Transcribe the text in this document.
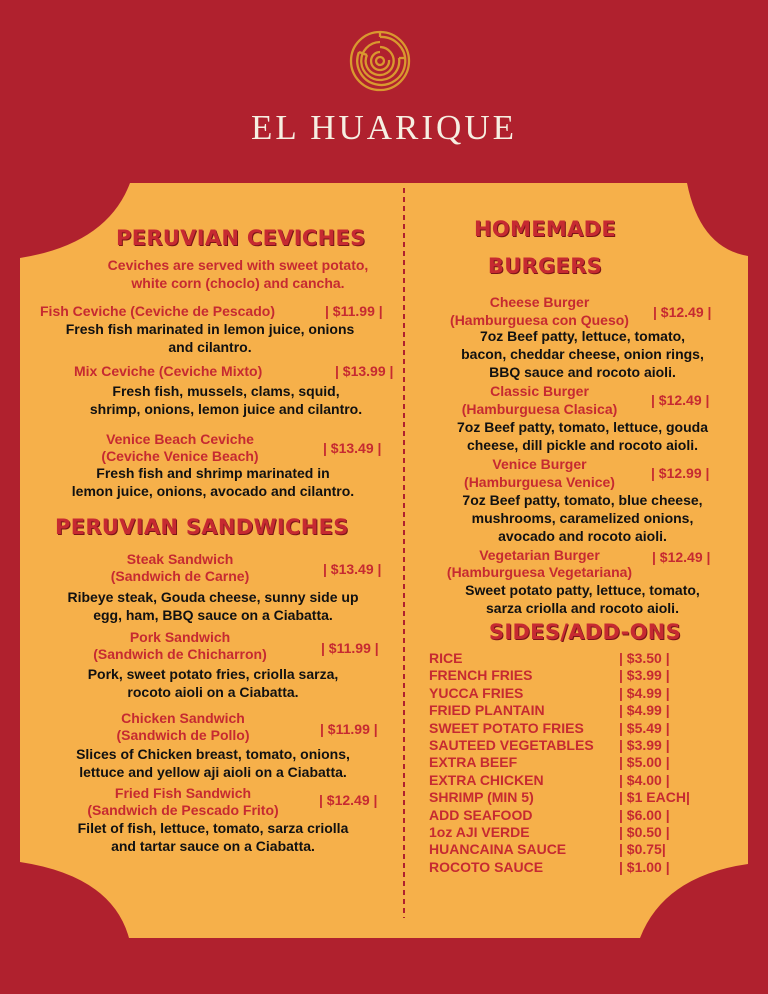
EL HUARIQUE
PERUVIAN CEVICHES
Ceviches are served with sweet potato,
white corn (choclo) and cancha.
Fish Ceviche (Ceviche de Pescado)	| $11.99 |
Fresh fish marinated in lemon juice, onions
and cilantro.
Mix Ceviche (Ceviche Mixto)	| $13.99 |
Fresh fish, mussels, clams, squid,
shrimp, onions, lemon juice and cilantro.
Venice Beach Ceviche
(Ceviche Venice Beach)	| $13.49 |
Fresh fish and shrimp marinated in
lemon juice, onions, avocado and cilantro.
PERUVIAN SANDWICHES
Steak Sandwich
(Sandwich de Carne)	| $13.49 |
Ribeye steak, Gouda cheese, sunny side up
egg, ham, BBQ sauce on a Ciabatta.
Pork Sandwich
(Sandwich de Chicharron)	| $11.99 |
Pork, sweet potato fries, criolla sarza,
rocoto aioli on a Ciabatta.
Chicken Sandwich
(Sandwich de Pollo)	| $11.99 |
Slices of Chicken breast, tomato, onions,
lettuce and yellow aji aioli on a Ciabatta.
Fried Fish Sandwich
(Sandwich de Pescado Frito)
| $12.49 |
Filet of fish, lettuce, tomato, sarza criolla
and tartar sauce on a Ciabatta.
HOMEMADE
BURGERS
Cheese Burger
(Hamburguesa con Queso)	| $12.49 |
7oz Beef patty, lettuce, tomato,
bacon, cheddar cheese, onion rings,
BBQ sauce and rocoto aioli.
Classic Burger
(Hamburguesa Clasica)
| $12.49 |
7oz Beef patty, tomato, lettuce, gouda
cheese, dill pickle and rocoto aioli.
Venice Burger
(Hamburguesa Venice)
| $12.99 |
7oz Beef patty, tomato, blue cheese,
mushrooms, caramelized onions,
avocado and rocoto aioli.
Vegetarian Burger
(Hamburguesa Vegetariana)
| $12.49 |
Sweet potato patty, lettuce, tomato,
sarza criolla and rocoto aioli.
SIDES/ADD-ONS
RICE	| $3.50 |
FRENCH FRIES	| $3.99 |
YUCCA FRIES	| $4.99 |
FRIED PLANTAIN	| $4.99 |
SWEET POTATO FRIES	| $5.49 |
SAUTEED VEGETABLES	| $3.99 |
EXTRA BEEF	| $5.00 |
EXTRA CHICKEN	| $4.00 |
SHRIMP (MIN 5)	| $1 EACH|
ADD SEAFOOD	| $6.00 |
1oz AJI VERDE	| $0.50 |
HUANCAINA SAUCE	| $0.75|
ROCOTO SAUCE	| $1.00 |
